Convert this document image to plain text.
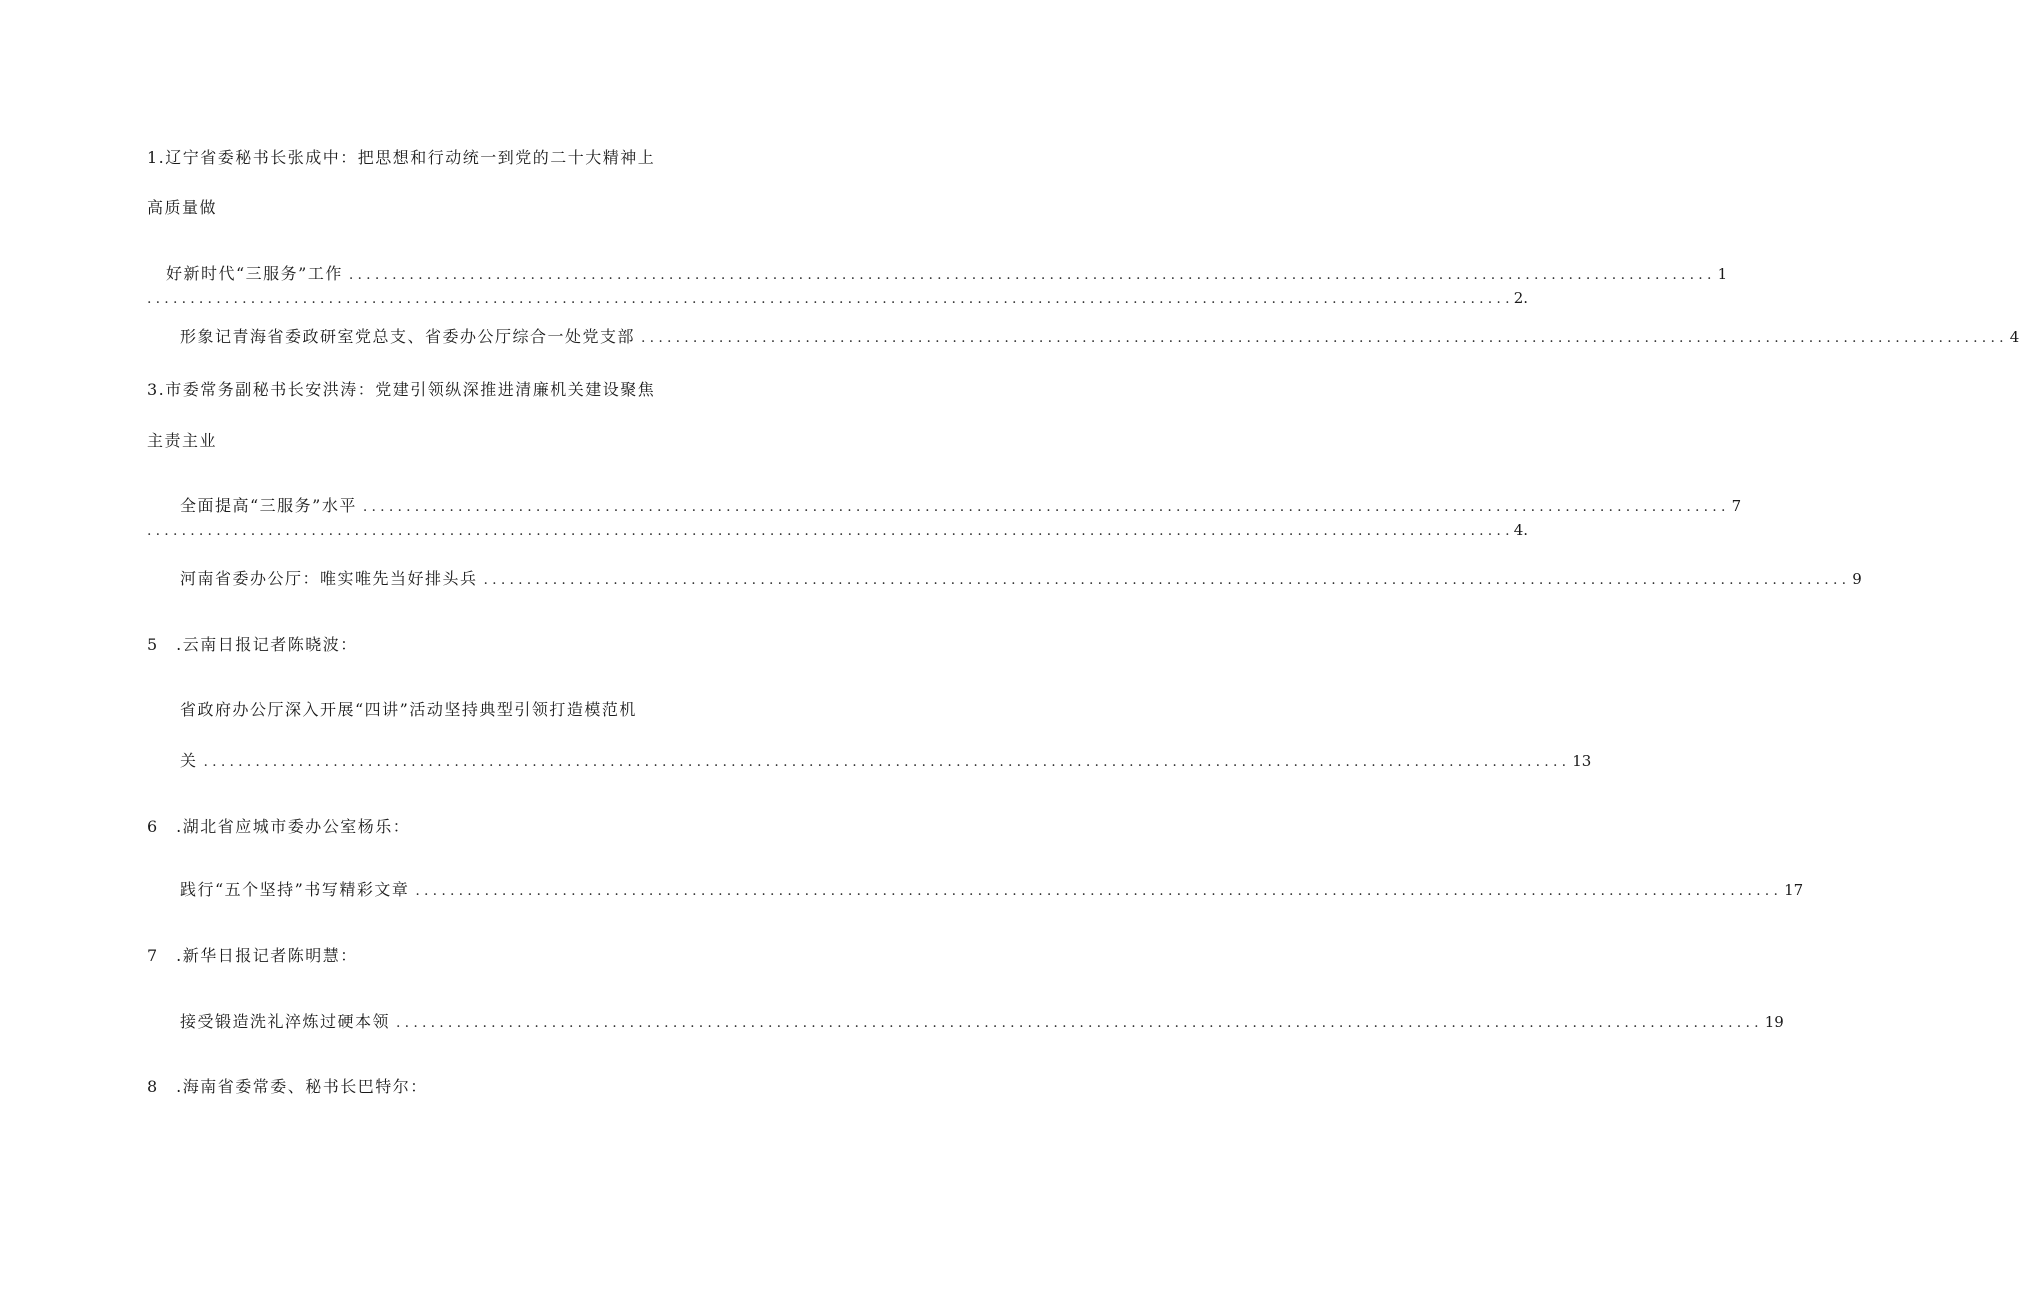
1.辽宁省委秘书长张成中：把思想和行动统一到党的二十大精神上
高质量做
好新时代“三服务”工作 .............................................................................................................................................................. 1
.............................................................................................................................................................. 2.
形象记青海省委政研室党总支、省委办公厅综合一处党支部 .............................................................................................................................................................. 4
3.市委常务副秘书长安洪涛：党建引领纵深推进清廉机关建设聚焦
主责主业
全面提高“三服务”水平 .............................................................................................................................................................. 7
.............................................................................................................................................................. 4.
河南省委办公厅：唯实唯先当好排头兵 .............................................................................................................................................................. 9
5　.云南日报记者陈晓波：
省政府办公厅深入开展“四讲”活动坚持典型引领打造模范机
关 .............................................................................................................................................................. 13
6　.湖北省应城市委办公室杨乐：
践行“五个坚持”书写精彩文章 .............................................................................................................................................................. 17
7　.新华日报记者陈明慧：
接受锻造洗礼淬炼过硬本领 .............................................................................................................................................................. 19
8　.海南省委常委、秘书长巴特尔：
